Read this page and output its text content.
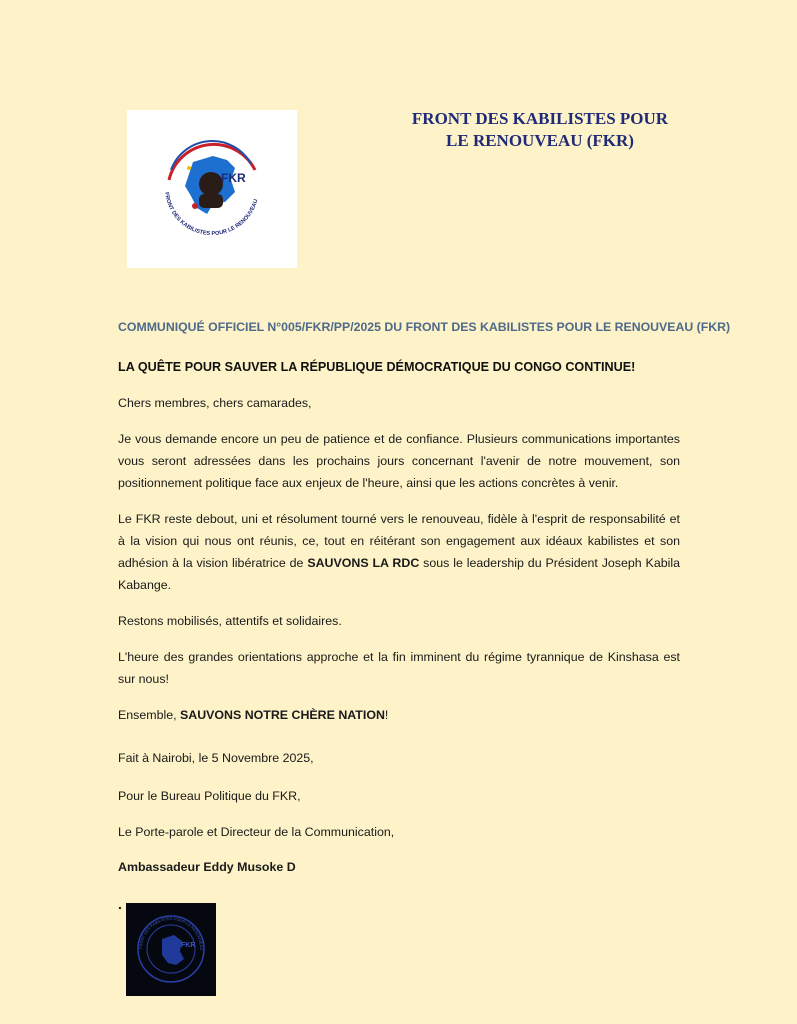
FKR
FRONT DES KABILISTES POUR LE RENOUVEAU
FRONT DES KABILISTES POUR
LE RENOUVEAU (FKR)
COMMUNIQUÉ OFFICIEL N°005/FKR/PP/2025 DU FRONT DES KABILISTES POUR LE RENOUVEAU (FKR)

LA QUÊTE POUR SAUVER LA RÉPUBLIQUE DÉMOCRATIQUE DU CONGO CONTINUE!

Chers membres, chers camarades,

Je vous demande encore un peu de patience et de confiance. Plusieurs communications importantes vous seront adressées dans les prochains jours concernant l'avenir de notre mouvement, son positionnement politique face aux enjeux de l'heure, ainsi que les actions concrètes à venir.

Le FKR reste debout, uni et résolument tourné vers le renouveau, fidèle à l'esprit de responsabilité et à la vision qui nous ont réunis, ce, tout en réitérant son engagement aux idéaux kabilistes et son adhésion à la vision libératrice de SAUVONS LA RDC sous le leadership du Président Joseph Kabila Kabange.

Restons mobilisés, attentifs et solidaires.

L'heure des grandes orientations approche et la fin imminent du régime tyrannique de Kinshasa est sur nous!

Ensemble, SAUVONS NOTRE CHÈRE NATION!

Fait à Nairobi, le 5 Novembre 2025,
Pour le Bureau Politique du FKR,
Le Porte-parole et Directeur de la Communication,
Ambassadeur Eddy Musoke D
.
FKR
FRONT DES KABILISTES POUR LE RENOUVEAU
